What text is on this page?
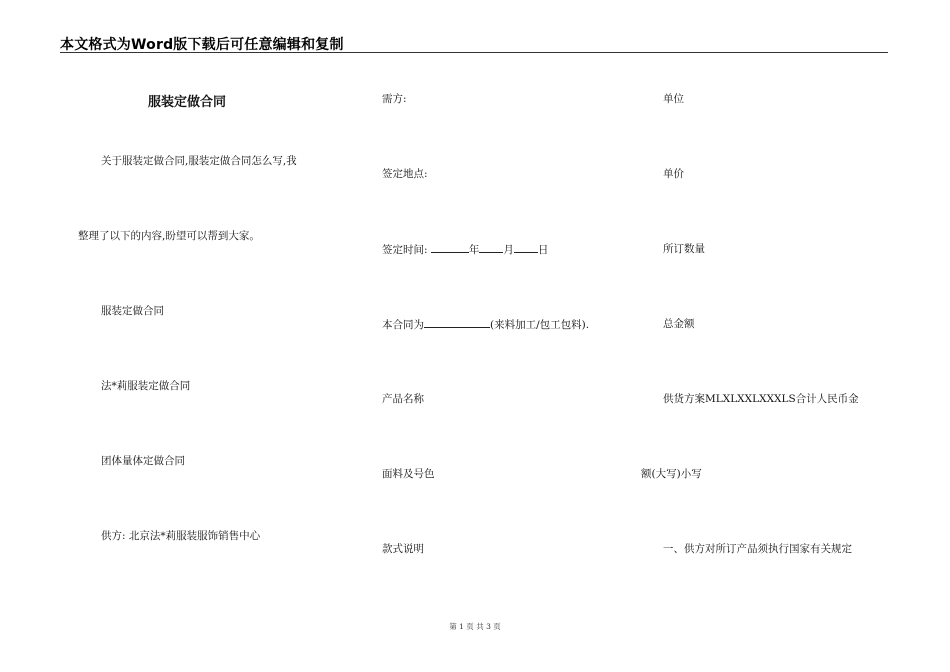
本文格式为Word版下载后可任意编辑和复制
服装定做合同
关于服装定做合同,服装定做合同怎么写,我
整理了以下的内容,盼望可以帮到大家。
服装定做合同
法*莉服装定做合同
团体量体定做合同
供方: 北京法*莉服装服饰销售中心
需方:
签定地点:
签定时间:	年 月 日
本合同为	(来料加工/包工包料).
产品名称
面料及号色
款式说明
单位
单价
所订数量
总金额
供货方案MLXLXXLXXXLS合计人民币金
额(大写)小写
一、供方对所订产品须执行国家有关规定
第 1 页 共 3 页
